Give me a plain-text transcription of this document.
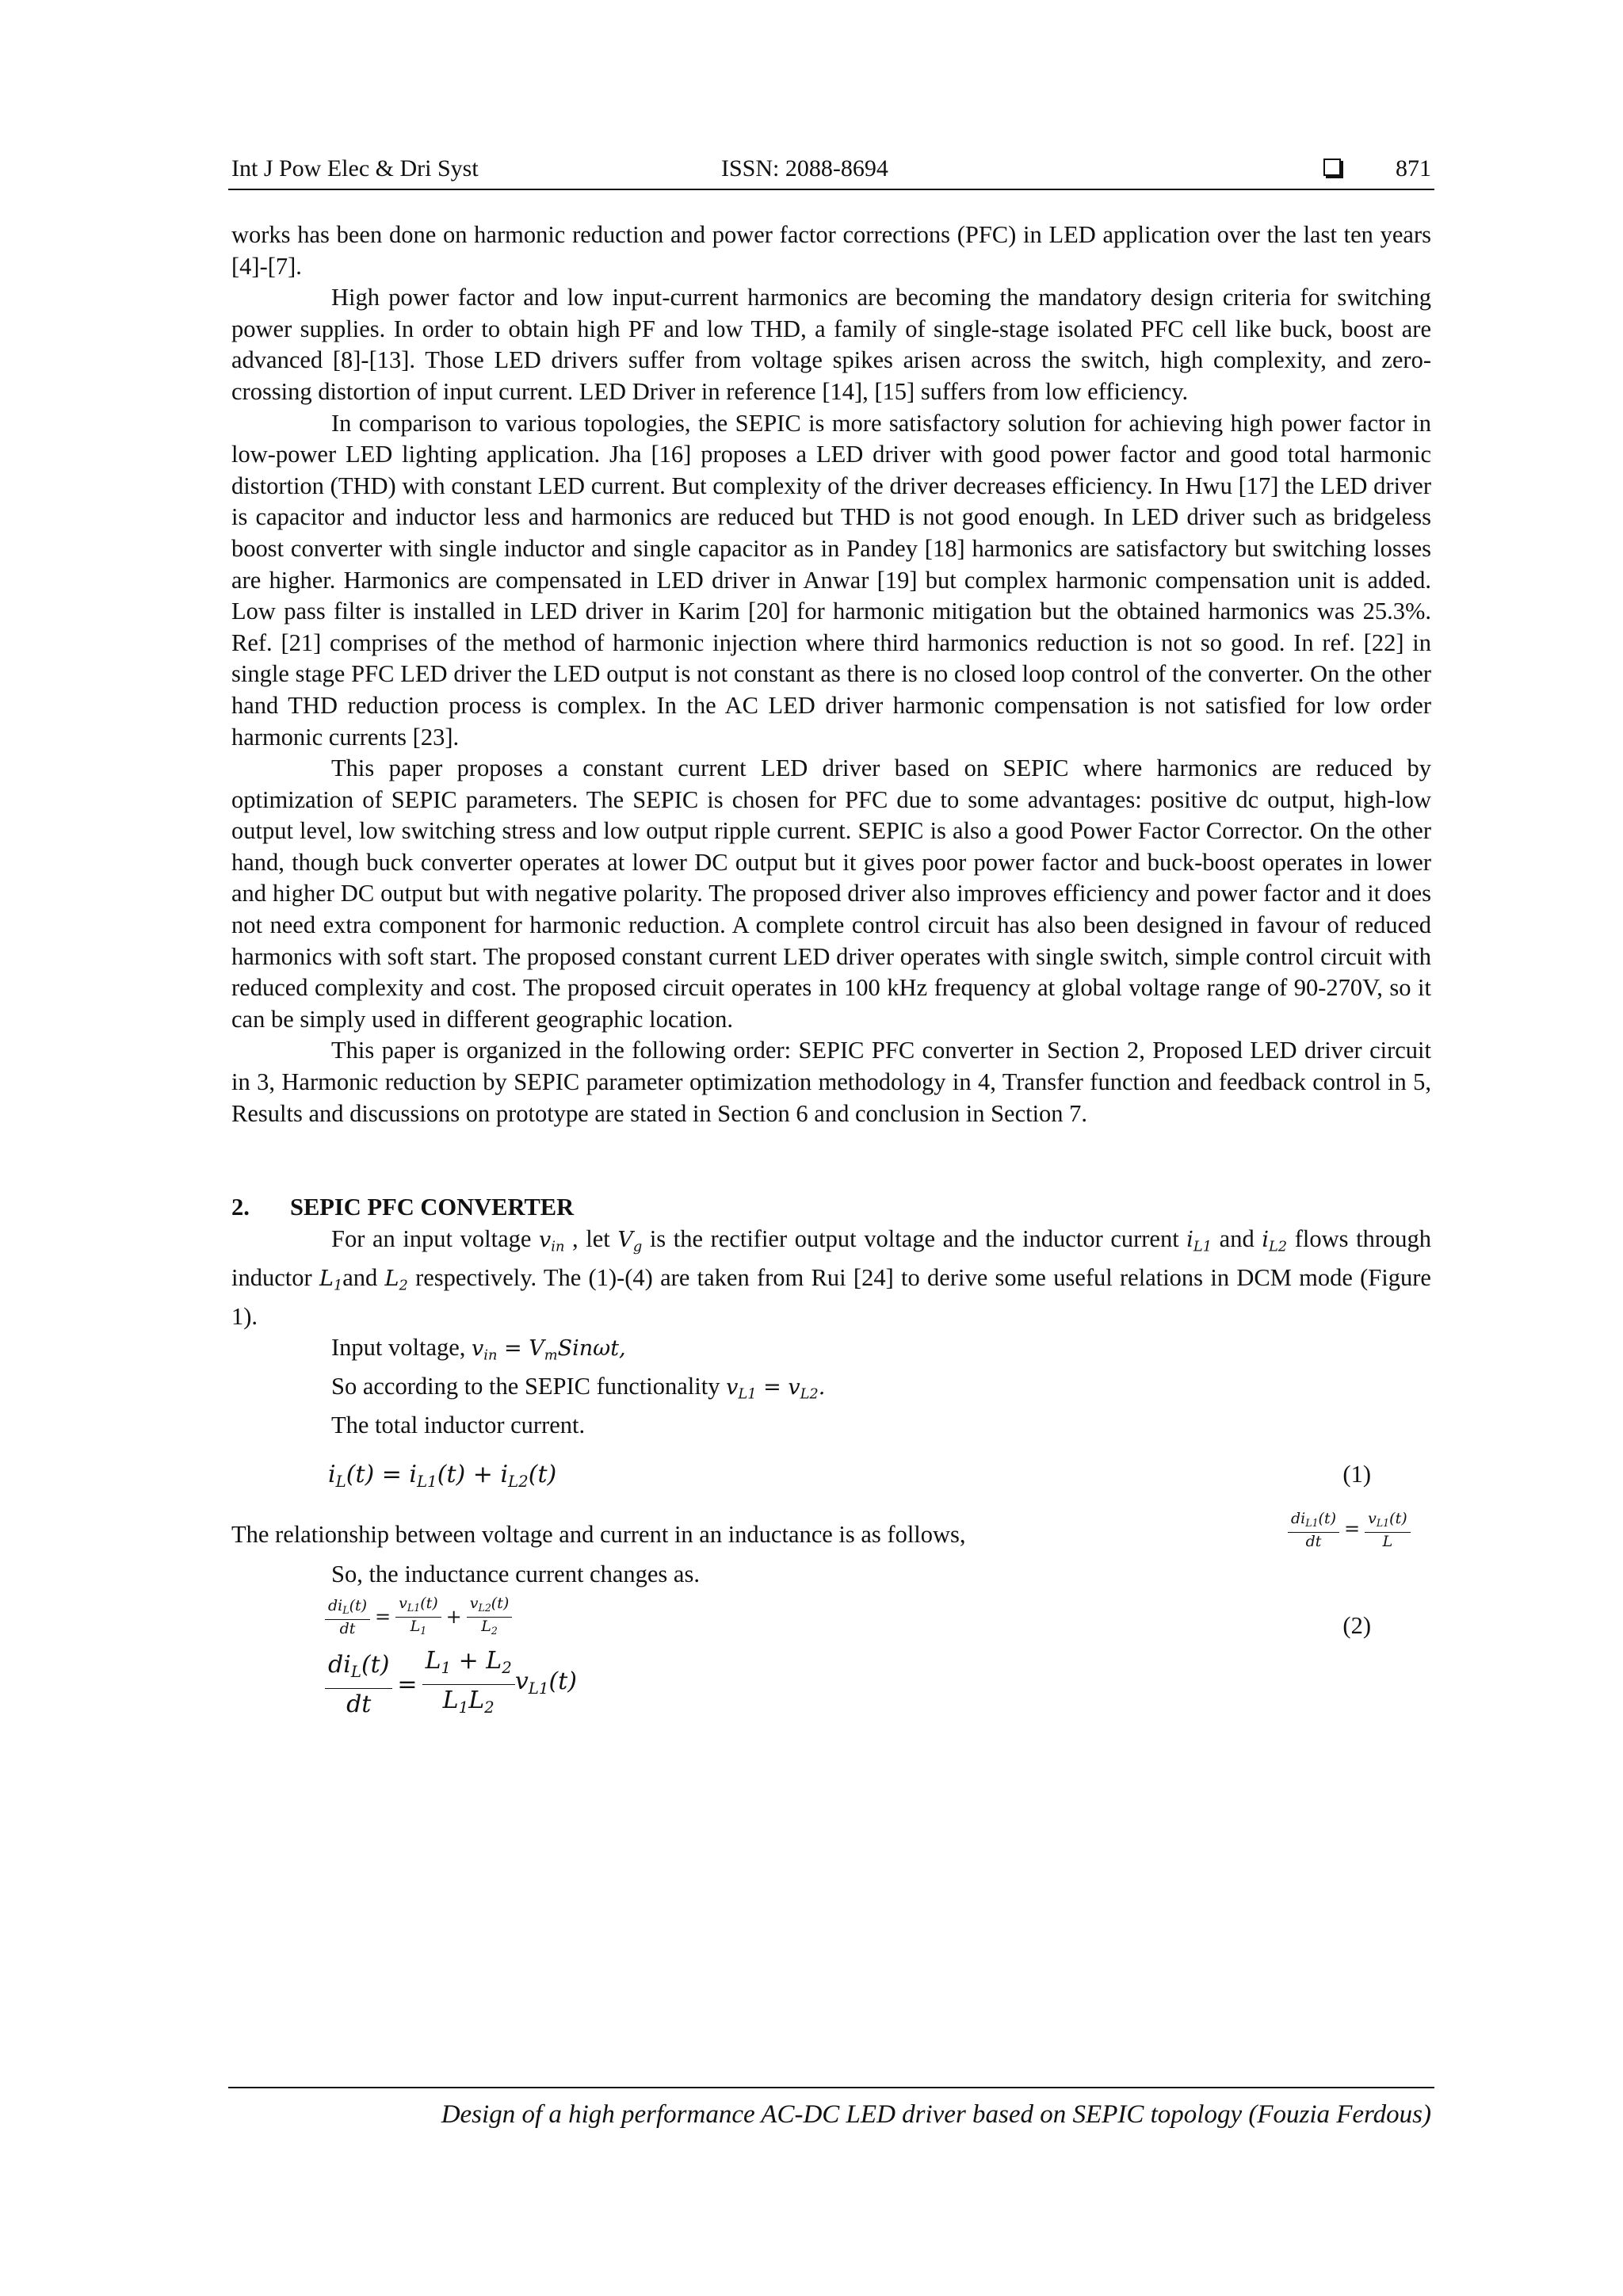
Int J Pow Elec & Dri Syst	ISSN: 2088-8694	871

works has been done on harmonic reduction and power factor corrections (PFC) in LED application over the last ten years [4]-[7].

High power factor and low input-current harmonics are becoming the mandatory design criteria for switching power supplies. In order to obtain high PF and low THD, a family of single-stage isolated PFC cell like buck, boost are advanced [8]-[13]. Those LED drivers suffer from voltage spikes arisen across the switch, high complexity, and zero-crossing distortion of input current. LED Driver in reference [14], [15] suffers from low efficiency.

In comparison to various topologies, the SEPIC is more satisfactory solution for achieving high power factor in low-power LED lighting application. Jha [16] proposes a LED driver with good power factor and good total harmonic distortion (THD) with constant LED current. But complexity of the driver decreases efficiency. In Hwu [17] the LED driver is capacitor and inductor less and harmonics are reduced but THD is not good enough. In LED driver such as bridgeless boost converter with single inductor and single capacitor as in Pandey [18] harmonics are satisfactory but switching losses are higher. Harmonics are compensated in LED driver in Anwar [19] but complex harmonic compensation unit is added. Low pass filter is installed in LED driver in Karim [20] for harmonic mitigation but the obtained harmonics was 25.3%. Ref. [21] comprises of the method of harmonic injection where third harmonics reduction is not so good. In ref. [22] in single stage PFC LED driver the LED output is not constant as there is no closed loop control of the converter. On the other hand THD reduction process is complex. In the AC LED driver harmonic compensation is not satisfied for low order harmonic currents [23].

This paper proposes a constant current LED driver based on SEPIC where harmonics are reduced by optimization of SEPIC parameters. The SEPIC is chosen for PFC due to some advantages: positive dc output, high-low output level, low switching stress and low output ripple current. SEPIC is also a good Power Factor Corrector. On the other hand, though buck converter operates at lower DC output but it gives poor power factor and buck-boost operates in lower and higher DC output but with negative polarity. The proposed driver also improves efficiency and power factor and it does not need extra component for harmonic reduction. A complete control circuit has also been designed in favour of reduced harmonics with soft start. The proposed constant current LED driver operates with single switch, simple control circuit with reduced complexity and cost. The proposed circuit operates in 100 kHz frequency at global voltage range of 90-270V, so it can be simply used in different geographic location.

This paper is organized in the following order: SEPIC PFC converter in Section 2, Proposed LED driver circuit in 3, Harmonic reduction by SEPIC parameter optimization methodology in 4, Transfer function and feedback control in 5, Results and discussions on prototype are stated in Section 6 and conclusion in Section 7.

2. SEPIC PFC CONVERTER

For an input voltage $v_{in}$ , let $V_g$ is the rectifier output voltage and the inductor current $i_{L1}$ and $i_{L2}$ flows through inductor $L_1and$ $L_2$ respectively. The (1)-(4) are taken from Rui [24] to derive some useful relations in DCM mode (Figure 1).

Input voltage, $v_{in} = V_mSin\omega t$,

So according to the SEPIC functionality $v_{L1} = v_{L2}$.

The total inductor current.

$i_L(t) = i_{L1}(t) + i_{L2}(t)$	(1)
The relationship between voltage and current in an inductance is as follows,	$\frac{di_{L1}(t)}{dt} = \frac{v_{L1}(t)}{L}$

So, the inductance current changes as.

$\frac{di_L(t)}{dt} = \frac{v_{L1}(t)}{L_1} + \frac{v_{L2}(t)}{L_2}$
$\frac{di_L(t)}{dt} = \frac{L_1 + L_2}{L_1L_2} v_{L1}(t)$
(2)
Design of a high performance AC-DC LED driver based on SEPIC topology (Fouzia Ferdous)
